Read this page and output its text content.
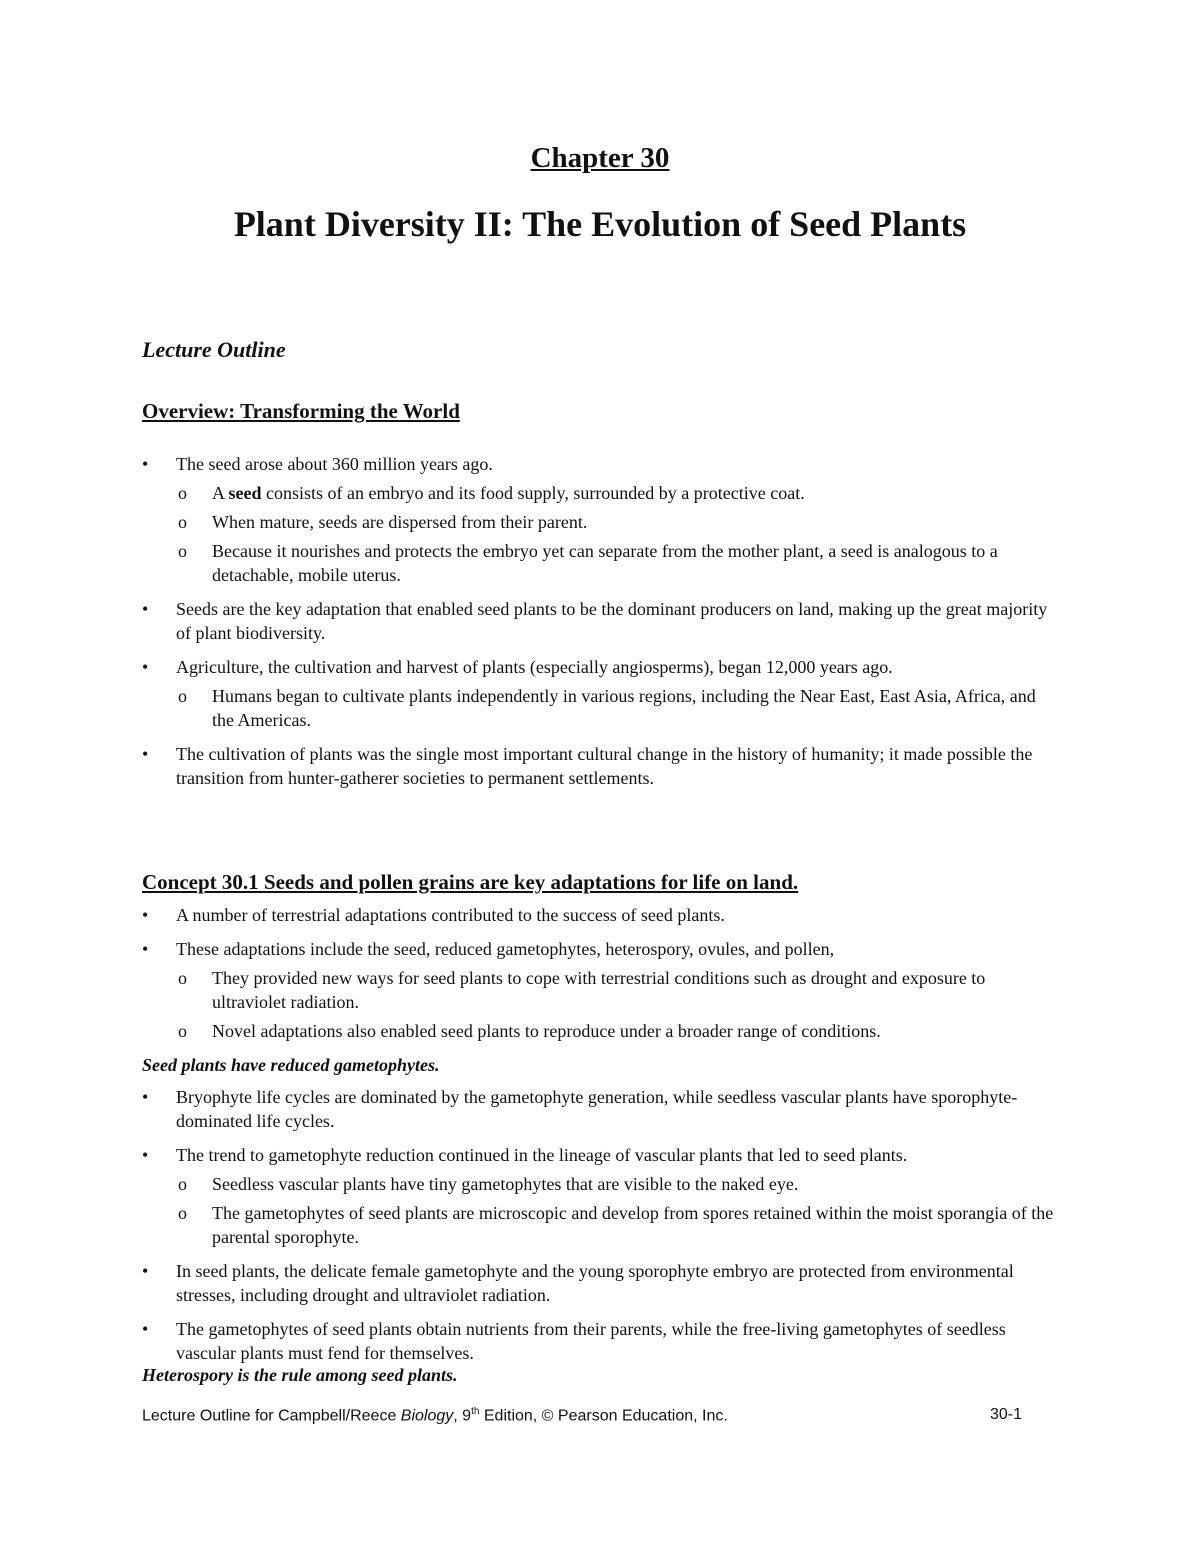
Chapter 30
Plant Diversity II: The Evolution of Seed Plants
Lecture Outline
Overview: Transforming the World
• The seed arose about 360 million years ago.
o A seed consists of an embryo and its food supply, surrounded by a protective coat.
o When mature, seeds are dispersed from their parent.
o Because it nourishes and protects the embryo yet can separate from the mother plant, a seed is analogous to a detachable, mobile uterus.
• Seeds are the key adaptation that enabled seed plants to be the dominant producers on land, making up the great majority of plant biodiversity.
• Agriculture, the cultivation and harvest of plants (especially angiosperms), began 12,000 years ago.
o Humans began to cultivate plants independently in various regions, including the Near East, East Asia, Africa, and the Americas.
• The cultivation of plants was the single most important cultural change in the history of humanity; it made possible the transition from hunter-gatherer societies to permanent settlements.
Concept 30.1 Seeds and pollen grains are key adaptations for life on land.
• A number of terrestrial adaptations contributed to the success of seed plants.
• These adaptations include the seed, reduced gametophytes, heterospory, ovules, and pollen,
o They provided new ways for seed plants to cope with terrestrial conditions such as drought and exposure to ultraviolet radiation.
o Novel adaptations also enabled seed plants to reproduce under a broader range of conditions.
Seed plants have reduced gametophytes.
• Bryophyte life cycles are dominated by the gametophyte generation, while seedless vascular plants have sporophyte-dominated life cycles.
• The trend to gametophyte reduction continued in the lineage of vascular plants that led to seed plants.
o Seedless vascular plants have tiny gametophytes that are visible to the naked eye.
o The gametophytes of seed plants are microscopic and develop from spores retained within the moist sporangia of the parental sporophyte.
• In seed plants, the delicate female gametophyte and the young sporophyte embryo are protected from environmental stresses, including drought and ultraviolet radiation.
• The gametophytes of seed plants obtain nutrients from their parents, while the free-living gametophytes of seedless vascular plants must fend for themselves.
Heterospory is the rule among seed plants.
Lecture Outline for Campbell/Reece Biology, 9th Edition, © Pearson Education, Inc.	30-1
